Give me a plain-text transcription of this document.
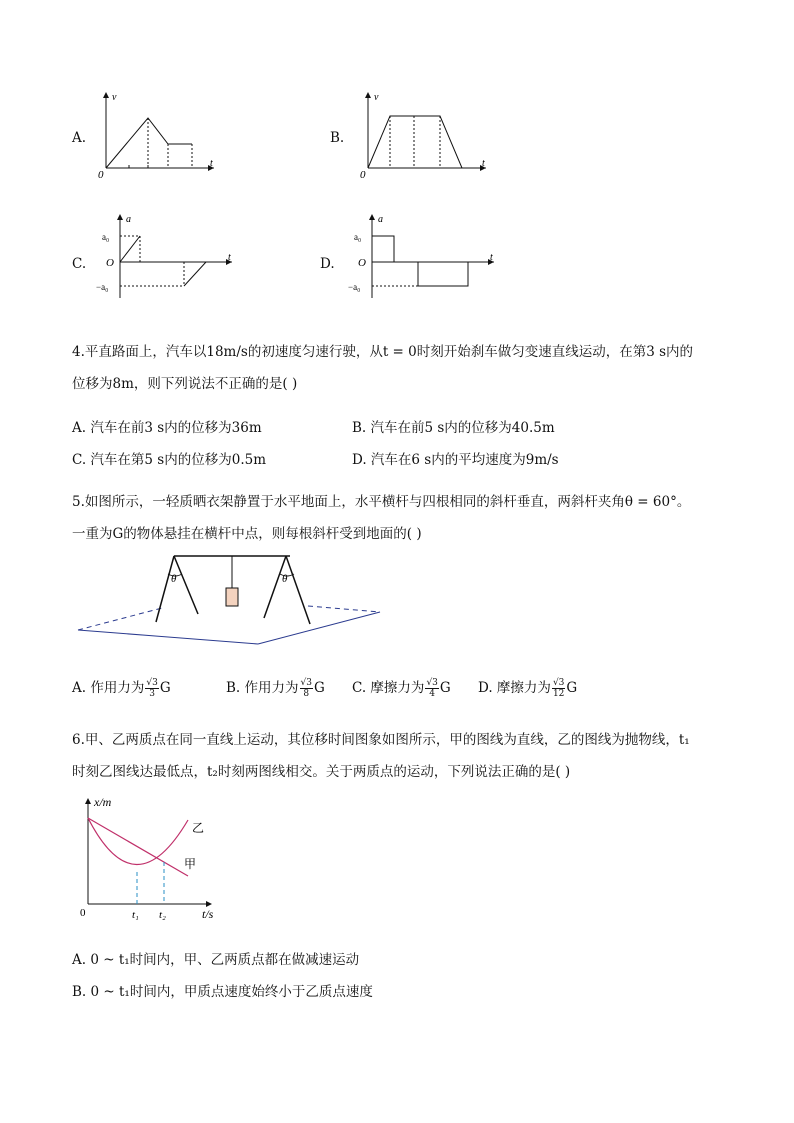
A.
v
t
0
B.
v
t
0
C.
a
t
O
a₀
−a₀
D.
a
t
O
a₀
−a₀
4.平直路面上，汽车以18m/s的初速度匀速行驶，从t = 0时刻开始刹车做匀变速直线运动，在第3 s内的
位移为8m，则下列说法不正确的是( )
A. 汽车在前3 s内的位移为36m	B. 汽车在前5 s内的位移为40.5m
C. 汽车在第5 s内的位移为0.5m	D. 汽车在6 s内的平均速度为9m/s
5.如图所示，一轻质晒衣架静置于水平地面上，水平横杆与四根相同的斜杆垂直，两斜杆夹角θ = 60°。
一重为G的物体悬挂在横杆中点，则每根斜杆受到地面的( )
θ	θ
A. 作用力为 $\frac{√3}{3}$ G	B. 作用力为 $\frac{√3}{8}$ G C. 摩擦力为 $\frac{√3}{4}$ G D. 摩擦力为 $\frac{√3}{12}$ G
6.甲、乙两质点在同一直线上运动，其位移时间图象如图所示，甲的图线为直线，乙的图线为抛物线，t₁
时刻乙图线达最低点，t₂时刻两图线相交。关于两质点的运动，下列说法正确的是( )
x/m
t/s
0	t₁ t₂
乙
甲
A. 0 ~ t₁时间内，甲、乙两质点都在做减速运动
B. 0 ~ t₁时间内，甲质点速度始终小于乙质点速度
